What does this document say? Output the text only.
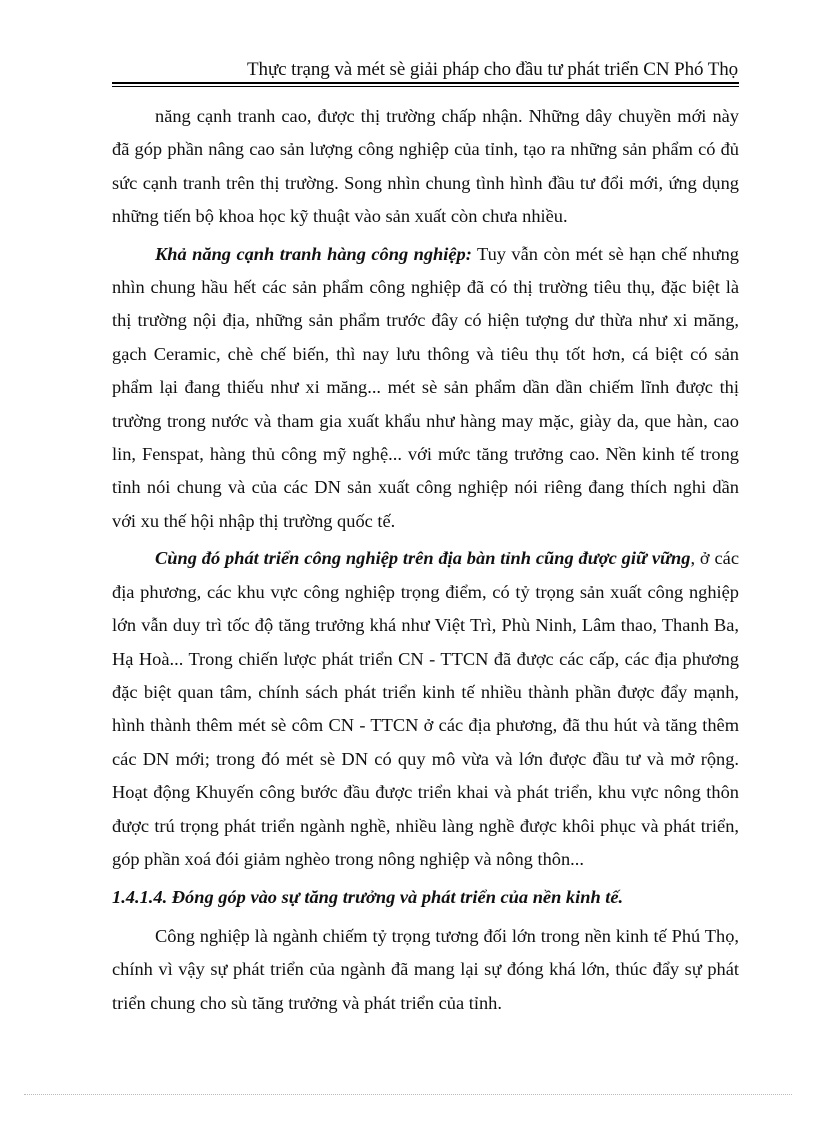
Thực trạng và mét sè giải pháp cho đầu tư phát triển CN Phó Thọ

năng cạnh tranh cao, được thị trường chấp nhận. Những dây chuyền mới này đã góp phần nâng cao sản lượng công nghiệp của tỉnh, tạo ra những sản phẩm có đủ sức cạnh tranh trên thị trường. Song nhìn chung tình hình đầu tư đổi mới, ứng dụng những tiến bộ khoa học kỹ thuật vào sản xuất còn chưa nhiều.

Khả năng cạnh tranh hàng công nghiệp: Tuy vẫn còn mét sè hạn chế nhưng nhìn chung hầu hết các sản phẩm công nghiệp đã có thị trường tiêu thụ, đặc biệt là thị trường nội địa, những sản phẩm trước đây có hiện tượng dư thừa như xi măng, gạch Ceramic, chè chế biến, thì nay lưu thông và tiêu thụ tốt hơn, cá biệt có sản phẩm lại đang thiếu như xi măng... mét sè sản phẩm dần dần chiếm lĩnh được thị trường trong nước và tham gia xuất khẩu như hàng may mặc, giày da, que hàn, cao lin, Fenspat, hàng thủ công mỹ nghệ... với mức tăng trưởng cao. Nền kinh tế trong tỉnh nói chung và của các DN sản xuất công nghiệp nói riêng đang thích nghi dần với xu thế hội nhập thị trường quốc tế.

Cùng đó phát triển công nghiệp trên địa bàn tỉnh cũng được giữ vững, ở các địa phương, các khu vực công nghiệp trọng điểm, có tỷ trọng sản xuất công nghiệp lớn vẫn duy trì tốc độ tăng trưởng khá như Việt Trì, Phù Ninh, Lâm thao, Thanh Ba, Hạ Hoà... Trong chiến lược phát triển CN - TTCN đã được các cấp, các địa phương đặc biệt quan tâm, chính sách phát triển kinh tế nhiều thành phần được đẩy mạnh, hình thành thêm mét sè côm CN - TTCN ở các địa phương, đã thu hút và tăng thêm các DN mới; trong đó mét sè DN có quy mô vừa và lớn được đầu tư và mở rộng. Hoạt động Khuyến công bước đầu được triển khai và phát triển, khu vực nông thôn được trú trọng phát triển ngành nghề, nhiều làng nghề được khôi phục và phát triển, góp phần xoá đói giảm nghèo trong nông nghiệp và nông thôn...

1.4.1.4. Đóng góp vào sự tăng trưởng và phát triển của nền kinh tế.

Công nghiệp là ngành chiếm tỷ trọng tương đối lớn trong nền kinh tế Phú Thọ, chính vì vậy sự phát triển của ngành đã mang lại sự đóng khá lớn, thúc đẩy sự phát triển chung cho sù tăng trưởng và phát triển của tỉnh.
